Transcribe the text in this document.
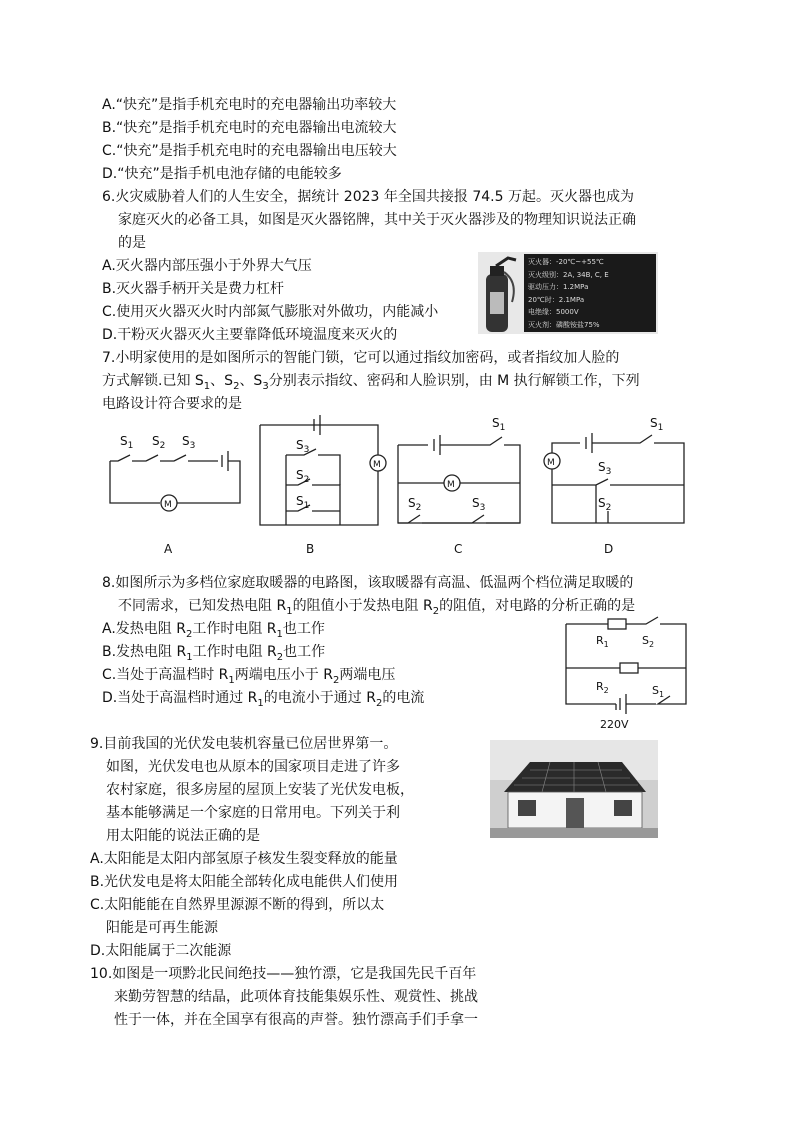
A.“快充”是指手机充电时的充电器输出功率较大
B.“快充”是指手机充电时的充电器输出电流较大
C.“快充”是指手机充电时的充电器输出电压较大
D.“快充”是指手机电池存储的电能较多
6.火灾威胁着人们的人生安全，据统计 2023 年全国共接报 74.5 万起。灭火器也成为
家庭灭火的必备工具，如图是灭火器铭牌，其中关于灭火器涉及的物理知识说法正确
的是
A.灭火器内部压强小于外界大气压
B.灭火器手柄开关是费力杠杆
C.使用灭火器灭火时内部氮气膨胀对外做功，内能减小
D.干粉灭火器灭火主要靠降低环境温度来灭火的
灭火器：-20℃~+55℃
灭火级别：2A, 34B, C, E
驱动压力：1.2MPa
20℃时：2.1MPa
电绝缘：5000V
灭火剂：磷酸铵盐75%
7.小明家使用的是如图所示的智能门锁，它可以通过指纹加密码，或者指纹加人脸的
方式解锁.已知 $S_1$、$S_2$、$S_3$分别表示指纹、密码和人脸识别，由 M 执行解锁工作，下列
电路设计符合要求的是
$S_1$ $S_2$ $S_3$
M
$S_3$
$S_2$
$S_1$
M
$S_1$
M
$S_2$	$S_3$
M
$S_1$
$S_3$
$S_2$
A	B	C	D
8.如图所示为多档位家庭取暖器的电路图，该取暖器有高温、低温两个档位满足取暖的
不同需求，已知发热电阻 $R_1$的阻值小于发热电阻 $R_2$的阻值，对电路的分析正确的是
A.发热电阻 $R_2$工作时电阻 $R_1$也工作
B.发热电阻 $R_1$工作时电阻 $R_2$也工作
C.当处于高温档时 $R_1$两端电压小于 $R_2$两端电压
D.当处于高温档时通过 $R_1$的电流小于通过 $R_2$的电流
$R_1$	$S_2$
$R_2$	$S_1$
220V
9.目前我国的光伏发电装机容量已位居世界第一。
如图，光伏发电也从原本的国家项目走进了许多
农村家庭，很多房屋的屋顶上安装了光伏发电板，
基本能够满足一个家庭的日常用电。下列关于利
用太阳能的说法正确的是
A.太阳能是太阳内部氢原子核发生裂变释放的能量
B.光伏发电是将太阳能全部转化成电能供人们使用
C.太阳能能在自然界里源源不断的得到，所以太
阳能是可再生能源
D.太阳能属于二次能源
10.如图是一项黔北民间绝技——独竹漂，它是我国先民千百年
来勤劳智慧的结晶，此项体育技能集娱乐性、观赏性、挑战
性于一体，并在全国享有很高的声誉。独竹漂高手们手拿一
